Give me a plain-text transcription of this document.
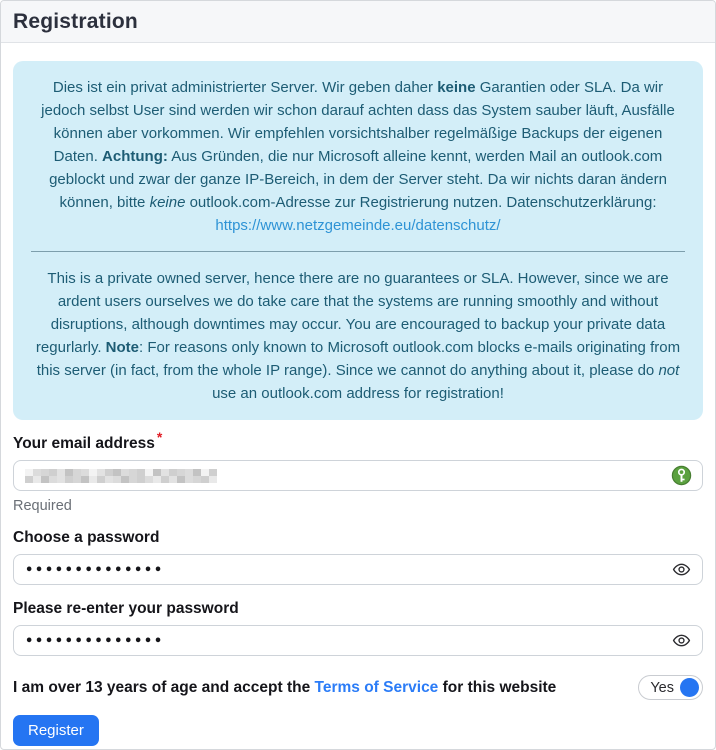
Registration
Dies ist ein privat administrierter Server. Wir geben daher keine Garantien oder SLA. Da wir jedoch selbst User sind werden wir schon darauf achten dass das System sauber läuft, Ausfälle können aber vorkommen. Wir empfehlen vorsichtshalber regelmäßige Backups der eigenen Daten. Achtung: Aus Gründen, die nur Microsoft alleine kennt, werden Mail an outlook.com geblockt und zwar der ganze IP-Bereich, in dem der Server steht. Da wir nichts daran ändern können, bitte keine outlook.com-Adresse zur Registrierung nutzen. Datenschutzerklärung: https://www.netzgemeinde.eu/datenschutz/
This is a private owned server, hence there are no guarantees or SLA. However, since we are ardent users ourselves we do take care that the systems are running smoothly and without disruptions, although downtimes may occur. You are encouraged to backup your private data regurlarly. Note: For reasons only known to Microsoft outlook.com blocks e-mails originating from this server (in fact, from the whole IP range). Since we cannot do anything about it, please do not use an outlook.com address for registration!
Your email address *
Required
Choose a password
••••••••••••••
Please re-enter your password
••••••••••••••
I am over 13 years of age and accept the Terms of Service for this website	Yes
Register
